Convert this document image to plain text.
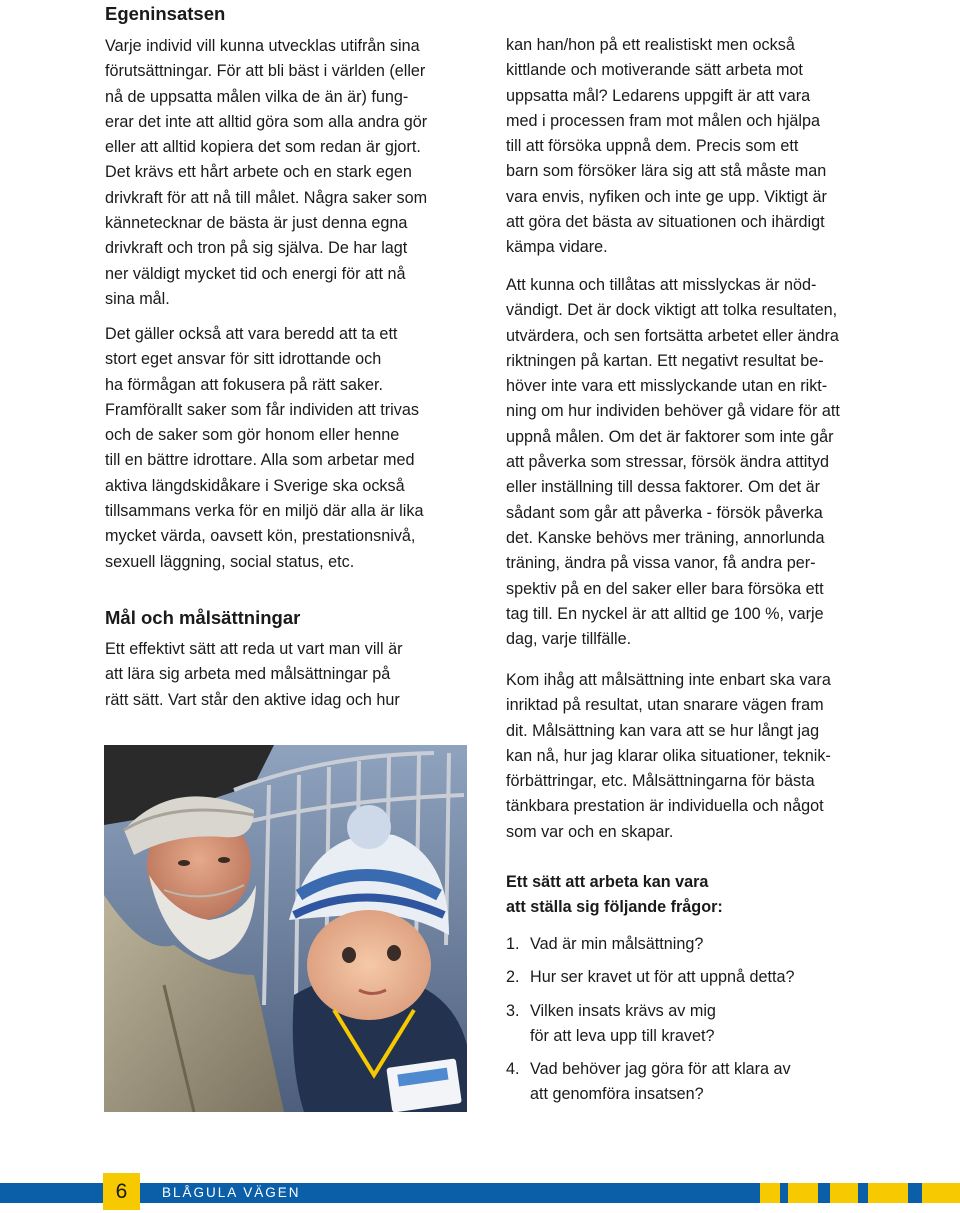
Egeninsatsen

Varje individ vill kunna utvecklas utifrån sina
förutsättningar. För att bli bäst i världen (eller
nå de uppsatta målen vilka de än är) fung-
erar det inte att alltid göra som alla andra gör
eller att alltid kopiera det som redan är gjort.
Det krävs ett hårt arbete och en stark egen
drivkraft för att nå till målet. Några saker som
kännetecknar de bästa är just denna egna
drivkraft och tron på sig själva. De har lagt
ner väldigt mycket tid och energi för att nå
sina mål.

Det gäller också att vara beredd att ta ett
stort eget ansvar för sitt idrottande och
ha förmågan att fokusera på rätt saker.
Framförallt saker som får individen att trivas
och de saker som gör honom eller henne
till en bättre idrottare. Alla som arbetar med
aktiva längdskidåkare i Sverige ska också
tillsammans verka för en miljö där alla är lika
mycket värda, oavsett kön, prestationsnivå,
sexuell läggning, social status, etc.

Mål och målsättningar

Ett effektivt sätt att reda ut vart man vill är
att lära sig arbeta med målsättningar på
rätt sätt. Vart står den aktive idag och hur

kan han/hon på ett realistiskt men också
kittlande och motiverande sätt arbeta mot
uppsatta mål? Ledarens uppgift är att vara
med i processen fram mot målen och hjälpa
till att försöka uppnå dem. Precis som ett
barn som försöker lära sig att stå måste man
vara envis, nyfiken och inte ge upp. Viktigt är
att göra det bästa av situationen och ihärdigt
kämpa vidare.

Att kunna och tillåtas att misslyckas är nöd-
vändigt. Det är dock viktigt att tolka resultaten,
utvärdera, och sen fortsätta arbetet eller ändra
riktningen på kartan. Ett negativt resultat be-
höver inte vara ett misslyckande utan en rikt-
ning om hur individen behöver gå vidare för att
uppnå målen. Om det är faktorer som inte går
att påverka som stressar, försök ändra attityd
eller inställning till dessa faktorer. Om det är
sådant som går att påverka - försök påverka
det. Kanske behövs mer träning, annorlunda
träning, ändra på vissa vanor, få andra per-
spektiv på en del saker eller bara försöka ett
tag till. En nyckel är att alltid ge 100 %, varje
dag, varje tillfälle.

Kom ihåg att målsättning inte enbart ska vara
inriktad på resultat, utan snarare vägen fram
dit. Målsättning kan vara att se hur långt jag
kan nå, hur jag klarar olika situationer, teknik-
förbättringar, etc. Målsättningarna för bästa
tänkbara prestation är individuella och något
som var och en skapar.

Ett sätt att arbeta kan vara
att ställa sig följande frågor:

1. Vad är min målsättning?
2. Hur ser kravet ut för att uppnå detta?
3. Vilken insats krävs av mig
för att leva upp till kravet?
4. Vad behöver jag göra för att klara av
att genomföra insatsen?
6	BLÅGULA VÄGEN
